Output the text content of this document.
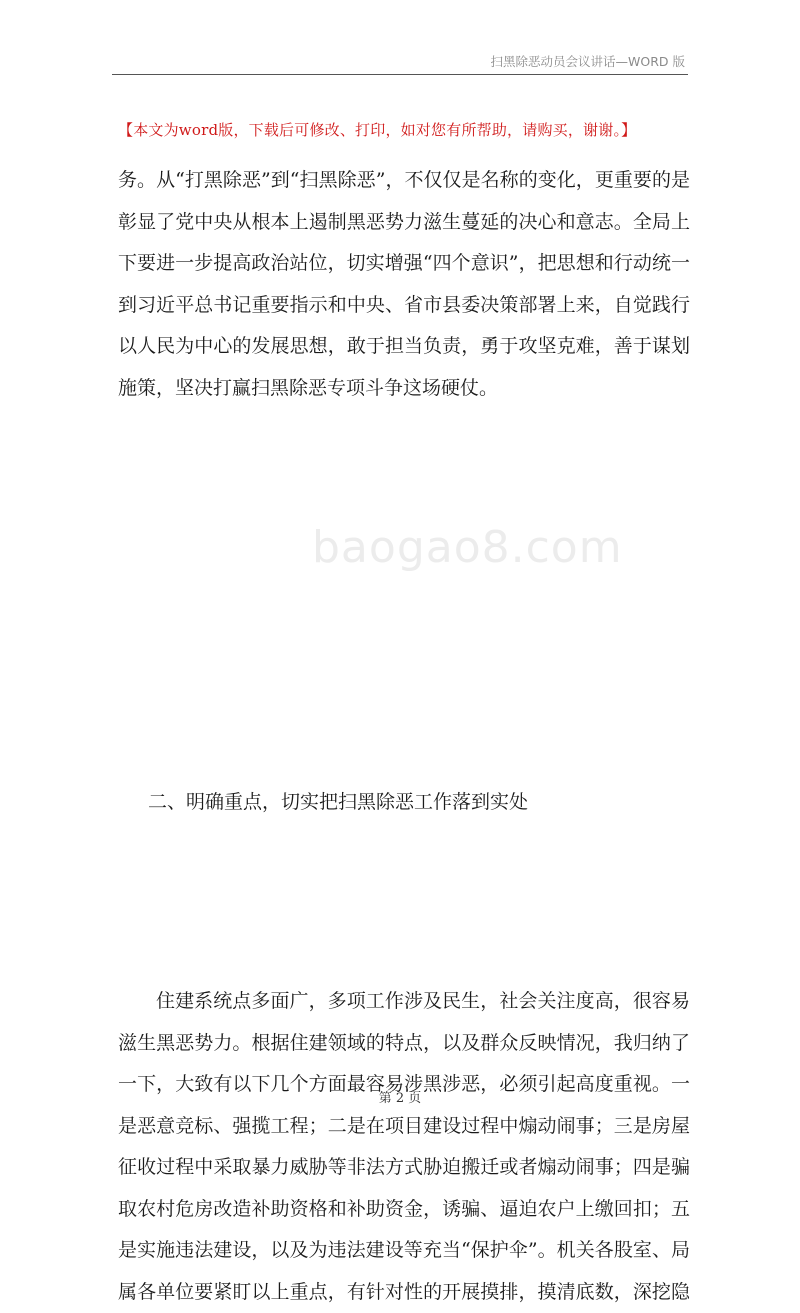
扫黑除恶动员会议讲话—WORD 版
【本文为word版，下载后可修改、打印，如对您有所帮助，请购买，谢谢。】
baogao8.com

务。从“打黑除恶”到“扫黑除恶”，不仅仅是名称的变化，更重要的是彰显了党中央从根本上遏制黑恶势力滋生蔓延的决心和意志。全局上下要进一步提高政治站位，切实增强“四个意识”，把思想和行动统一到习近平总书记重要指示和中央、省市县委决策部署上来，自觉践行以人民为中心的发展思想，敢于担当负责，勇于攻坚克难，善于谋划施策，坚决打赢扫黑除恶专项斗争这场硬仗。

二、明确重点，切实把扫黑除恶工作落到实处

住建系统点多面广，多项工作涉及民生，社会关注度高，很容易滋生黑恶势力。根据住建领域的特点，以及群众反映情况，我归纳了一下，大致有以下几个方面最容易涉黑涉恶，必须引起高度重视。一是恶意竞标、强揽工程；二是在项目建设过程中煽动闹事；三是房屋征收过程中采取暴力威胁等非法方式胁迫搬迁或者煽动闹事；四是骗取农村危房改造补助资格和补助资金，诱骗、逼迫农户上缴回扣；五是实施违法建设，以及为违法建设等充当“保护伞”。机关各股室、局属各单位要紧盯以上重点，有针对性的开展摸排，摸清底数，深挖隐

第 2 页
